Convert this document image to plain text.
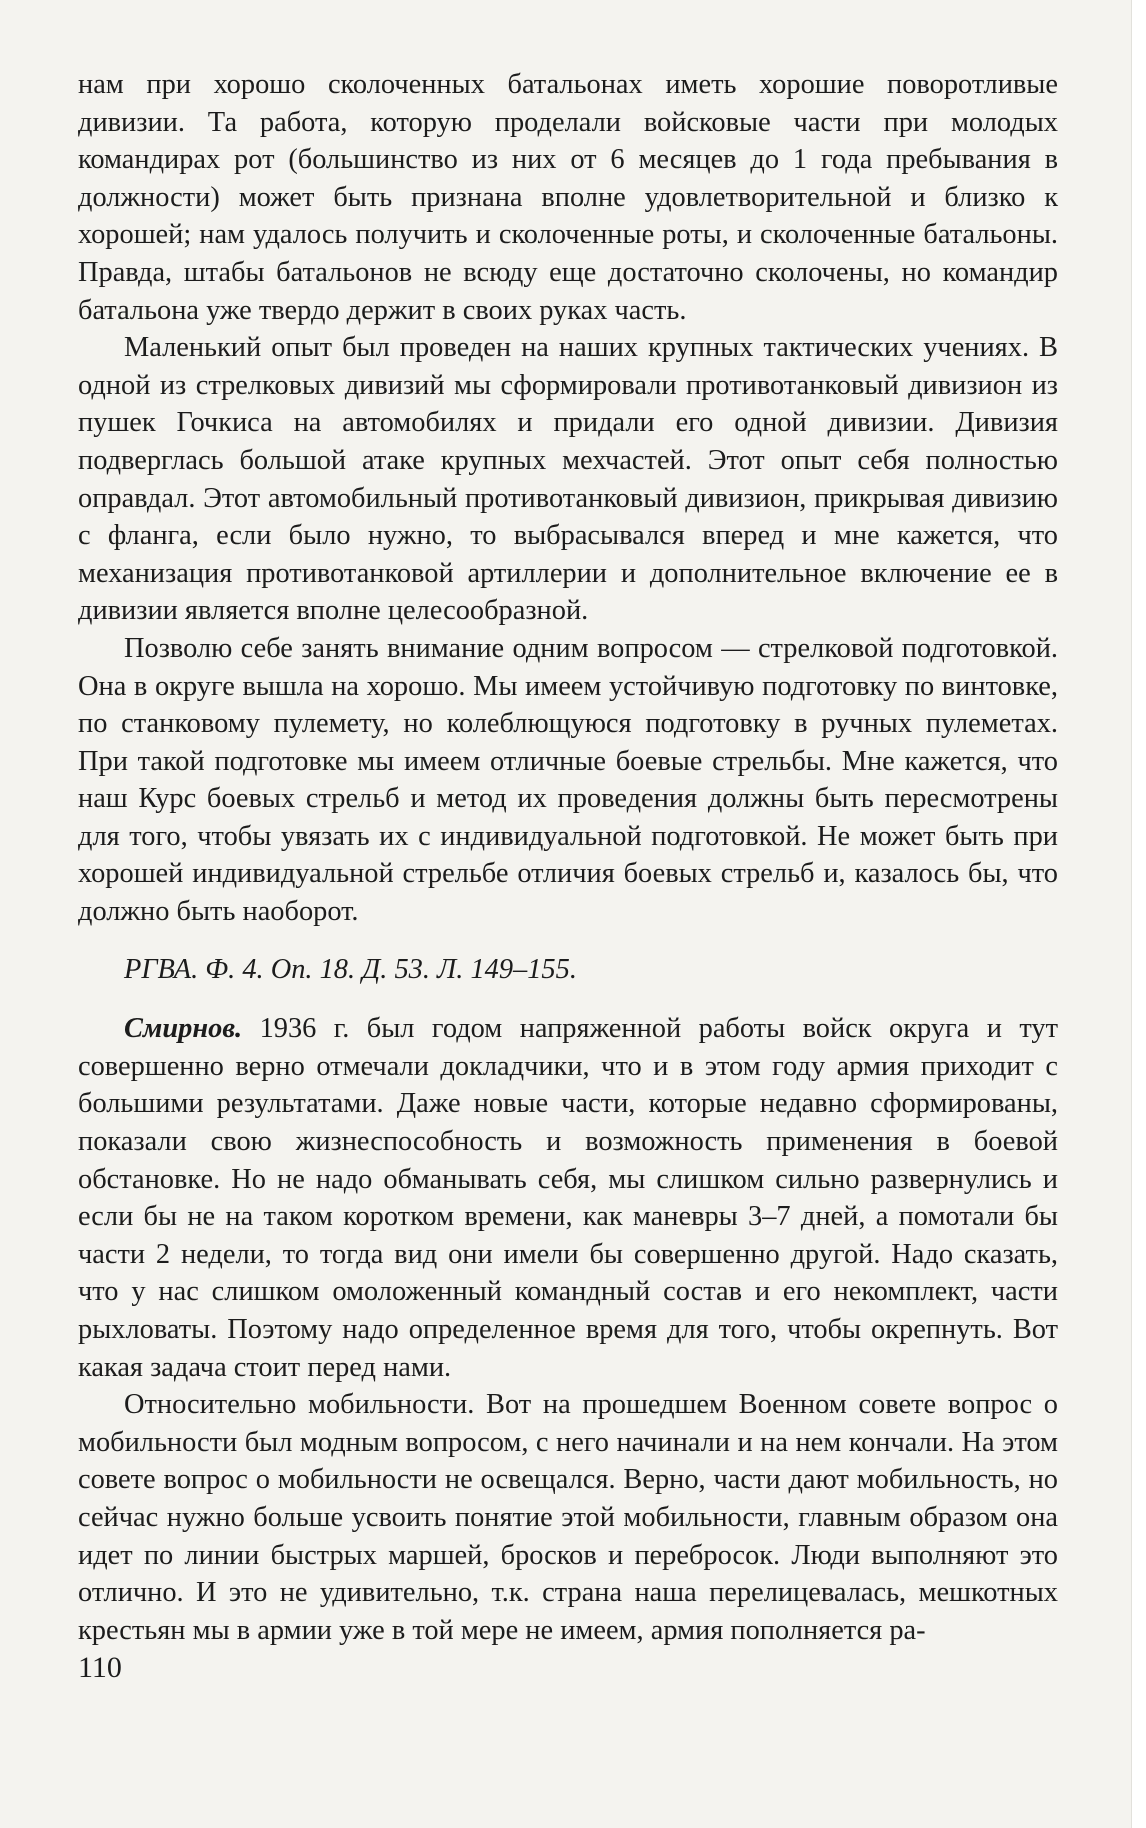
нам при хорошо сколоченных батальонах иметь хорошие поворотливые дивизии. Та работа, которую проделали войсковые части при молодых командирах рот (большинство из них от 6 месяцев до 1 года пребывания в должности) может быть признана вполне удовлетворительной и близко к хорошей; нам удалось получить и сколоченные роты, и сколоченные батальоны. Правда, штабы батальонов не всюду еще достаточно сколочены, но командир батальона уже твердо держит в своих руках часть.

Маленький опыт был проведен на наших крупных тактических учениях. В одной из стрелковых дивизий мы сформировали противотанковый дивизион из пушек Гочкиса на автомобилях и придали его одной дивизии. Дивизия подверглась большой атаке крупных мехчастей. Этот опыт себя полностью оправдал. Этот автомобильный противотанковый дивизион, прикрывая дивизию с фланга, если было нужно, то выбрасывался вперед и мне кажется, что механизация противотанковой артиллерии и дополнительное включение ее в дивизии является вполне целесообразной.

Позволю себе занять внимание одним вопросом — стрелковой подготовкой. Она в округе вышла на хорошо. Мы имеем устойчивую подготовку по винтовке, по станковому пулемету, но колеблющуюся подготовку в ручных пулеметах. При такой подготовке мы имеем отличные боевые стрельбы. Мне кажется, что наш Курс боевых стрельб и метод их проведения должны быть пересмотрены для того, чтобы увязать их с индивидуальной подготовкой. Не может быть при хорошей индивидуальной стрельбе отличия боевых стрельб и, казалось бы, что должно быть наоборот.

РГВА. Ф. 4. Оп. 18. Д. 53. Л. 149–155.

Смирнов. 1936 г. был годом напряженной работы войск округа и тут совершенно верно отмечали докладчики, что и в этом году армия приходит с большими результатами. Даже новые части, которые недавно сформированы, показали свою жизнеспособность и возможность применения в боевой обстановке. Но не надо обманывать себя, мы слишком сильно развернулись и если бы не на таком коротком времени, как маневры 3–7 дней, а помотали бы части 2 недели, то тогда вид они имели бы совершенно другой. Надо сказать, что у нас слишком омоложенный командный состав и его некомплект, части рыхловаты. Поэтому надо определенное время для того, чтобы окрепнуть. Вот какая задача стоит перед нами.

Относительно мобильности. Вот на прошедшем Военном совете вопрос о мобильности был модным вопросом, с него начинали и на нем кончали. На этом совете вопрос о мобильности не освещался. Верно, части дают мобильность, но сейчас нужно больше усвоить понятие этой мобильности, главным образом она идет по линии быстрых маршей, бросков и перебросок. Люди выполняют это отлично. И это не удивительно, т.к. страна наша перелицевалась, мешкотных крестьян мы в армии уже в той мере не имеем, армия пополняется ра-

110
